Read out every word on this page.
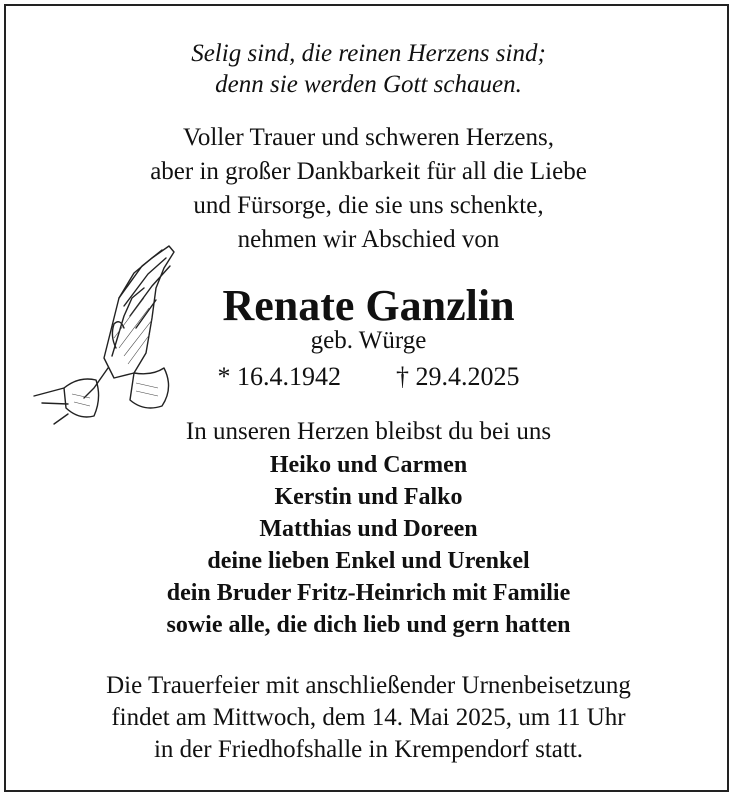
Selig sind, die reinen Herzens sind;
denn sie werden Gott schauen.
Voller Trauer und schweren Herzens,
aber in großer Dankbarkeit für all die Liebe
und Fürsorge, die sie uns schenkte,
nehmen wir Abschied von
Renate Ganzlin
geb. Würge
* 16.4.1942 † 29.4.2025
In unseren Herzen bleibst du bei uns
Heiko und Carmen
Kerstin und Falko
Matthias und Doreen
deine lieben Enkel und Urenkel
dein Bruder Fritz-Heinrich mit Familie
sowie alle, die dich lieb und gern hatten
Die Trauerfeier mit anschließender Urnenbeisetzung
findet am Mittwoch, dem 14. Mai 2025, um 11 Uhr
in der Friedhofshalle in Krempendorf statt.
